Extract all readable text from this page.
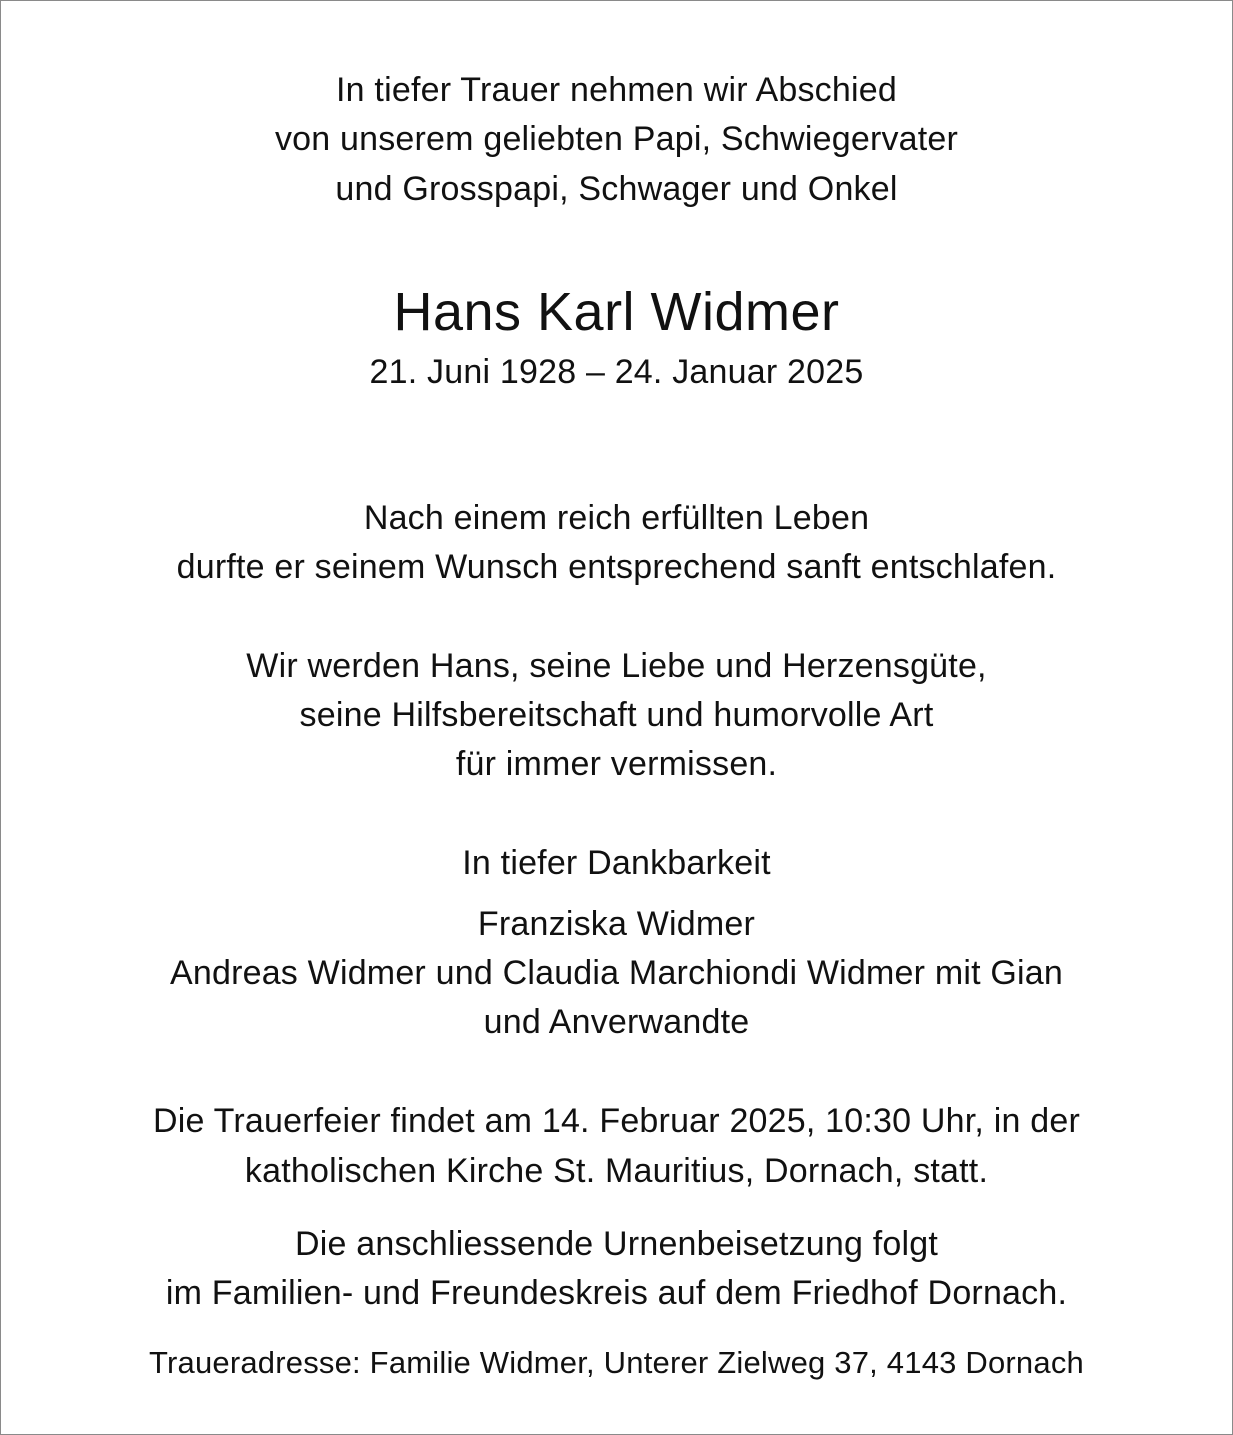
In tiefer Trauer nehmen wir Abschied
von unserem geliebten Papi, Schwiegervater
und Grosspapi, Schwager und Onkel
Hans Karl Widmer
21. Juni 1928 – 24. Januar 2025
Nach einem reich erfüllten Leben
durfte er seinem Wunsch entsprechend sanft entschlafen.
Wir werden Hans, seine Liebe und Herzensgüte,
seine Hilfsbereitschaft und humorvolle Art
für immer vermissen.
In tiefer Dankbarkeit
Franziska Widmer
Andreas Widmer und Claudia Marchiondi Widmer mit Gian
und Anverwandte
Die Trauerfeier findet am 14. Februar 2025, 10:30 Uhr, in der
katholischen Kirche St. Mauritius, Dornach, statt.
Die anschliessende Urnenbeisetzung folgt
im Familien- und Freundeskreis auf dem Friedhof Dornach.
Traueradresse: Familie Widmer, Unterer Zielweg 37, 4143 Dornach
